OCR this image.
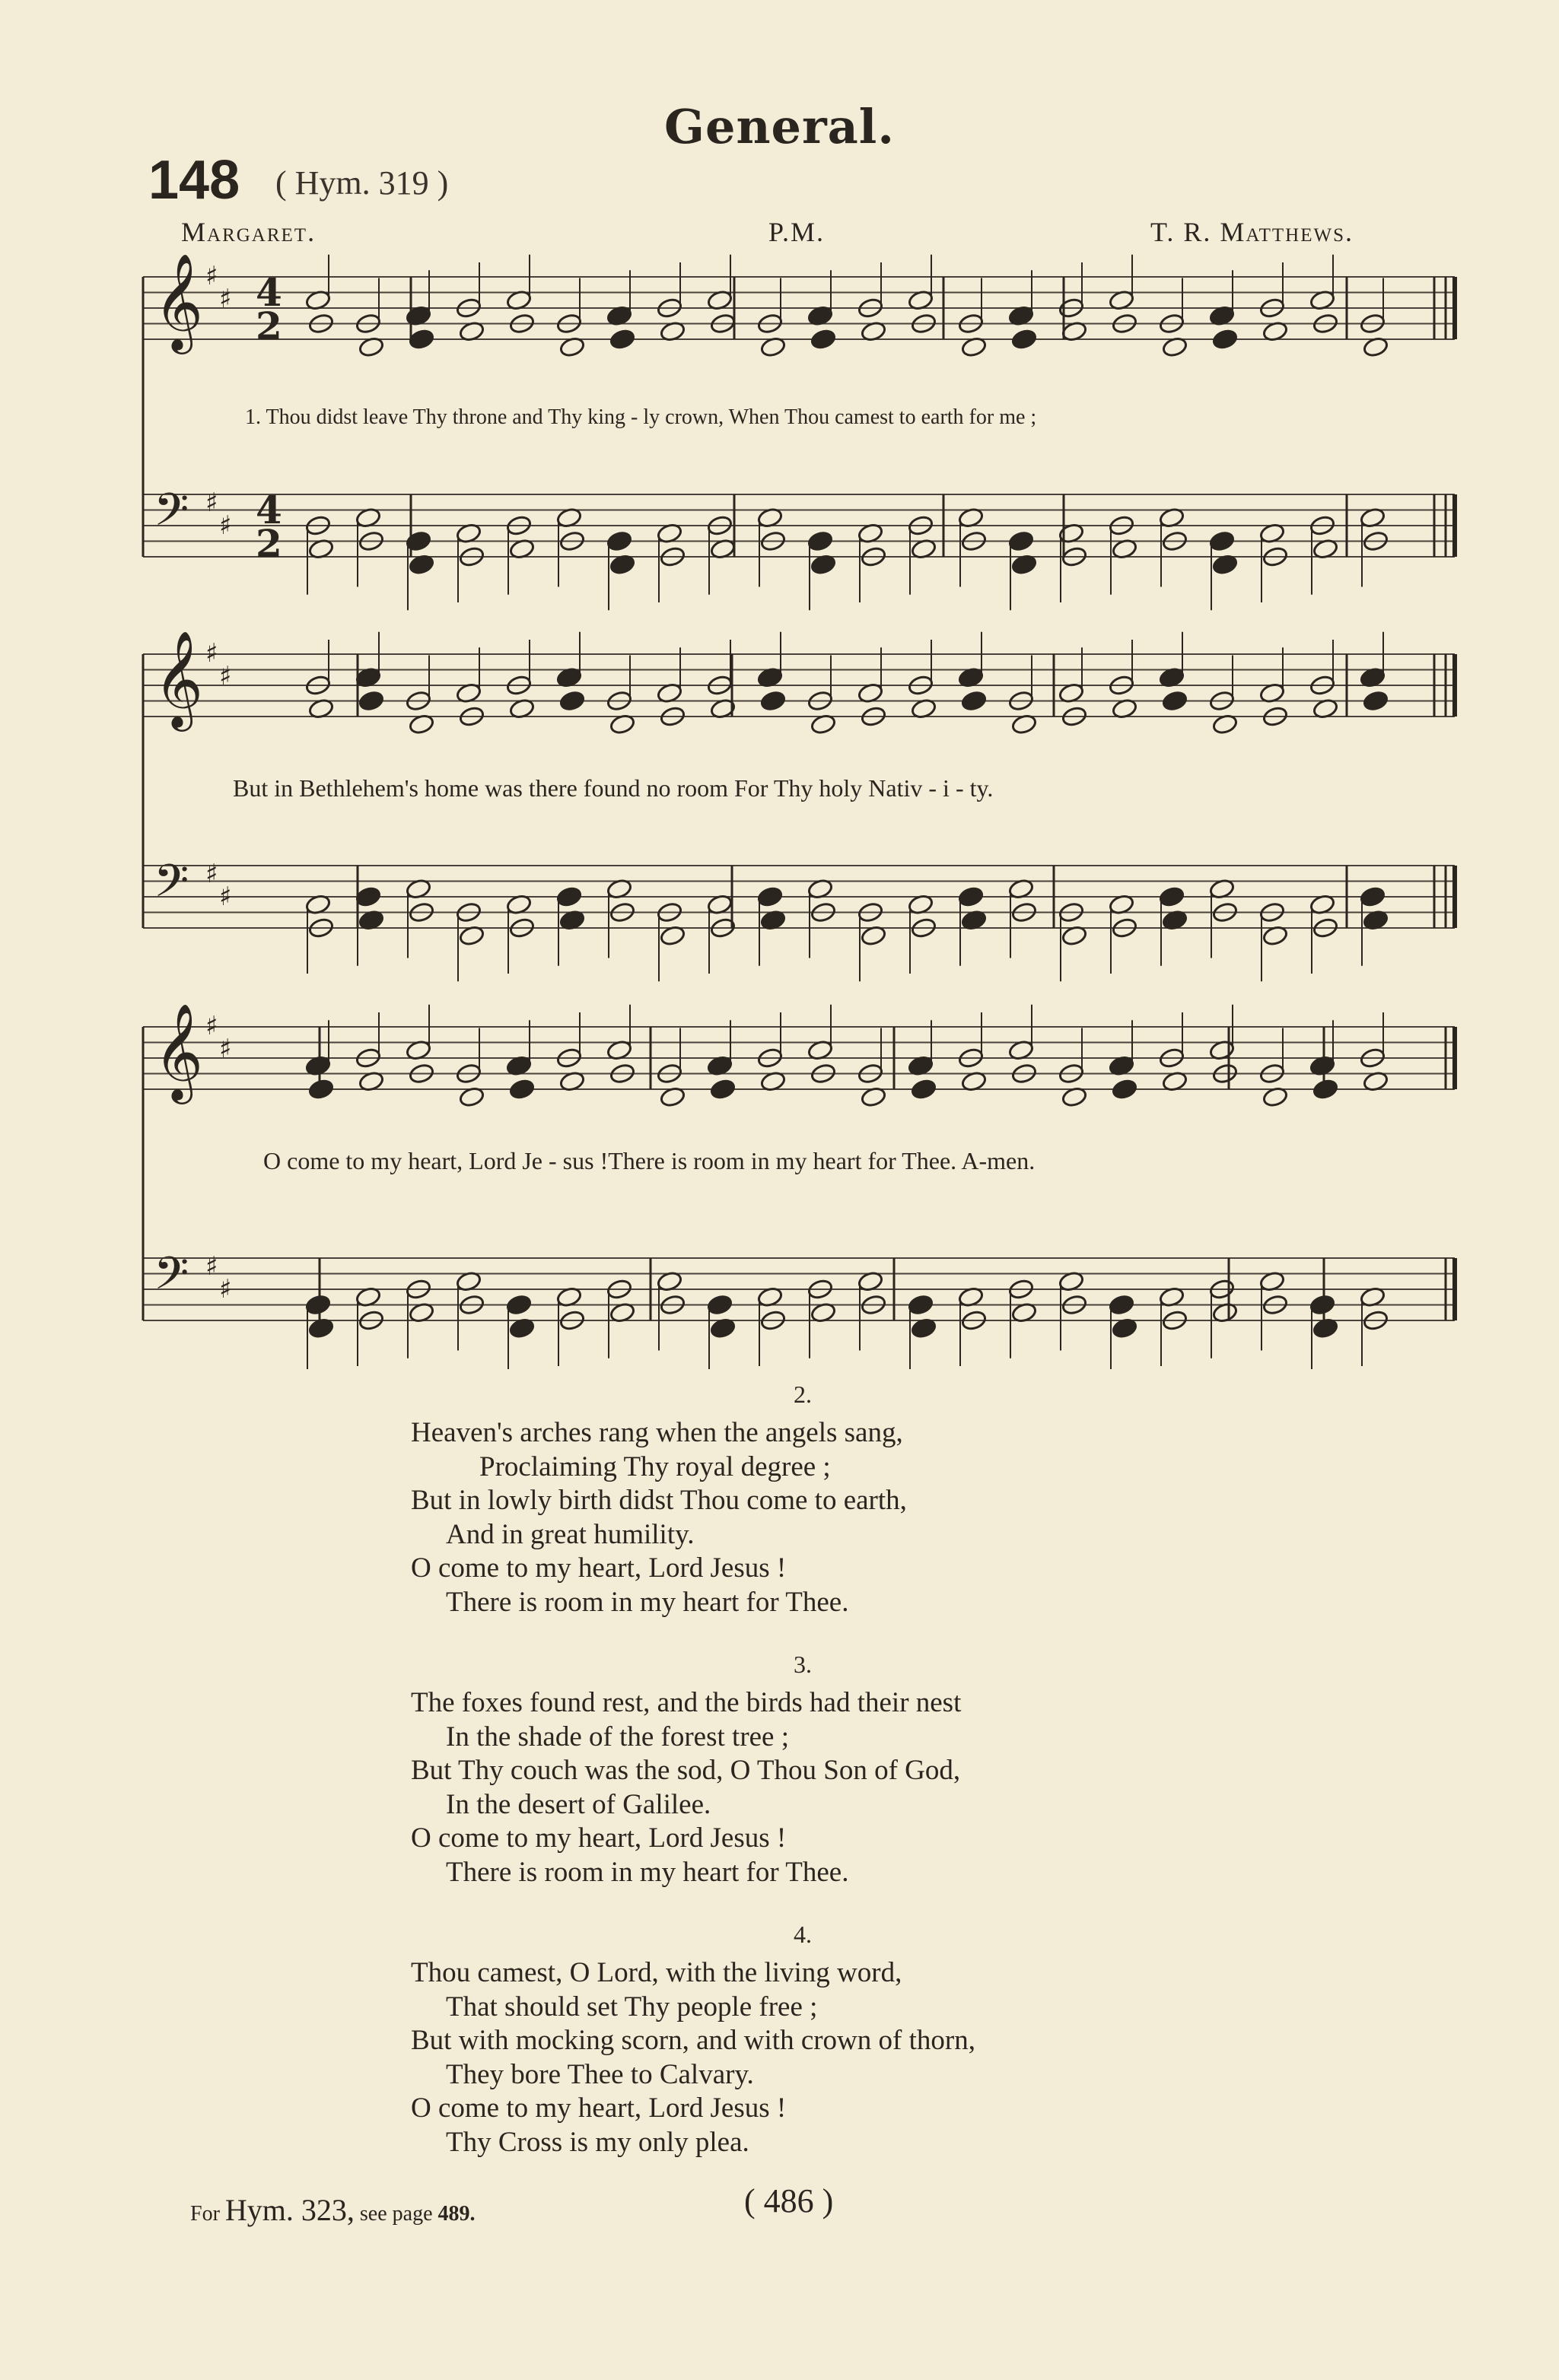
General.
148 ( Hym. 319 )
Margaret.	P.M.	T. R. Matthews.
𝄞 ♯
♯
𝄢 ♯
♯
𝄞 ♯
♯
𝄢 ♯
♯
𝄞 ♯
♯
𝄢 ♯
♯
4
2
4
2
1. Thou didst leave Thy throne and Thy king - ly crown, When Thou camest to earth for me ;
But in Bethlehem's home was there found no room For Thy holy Nativ - i - ty.
O come to my heart, Lord Je - sus !There is room in my heart for Thee. A-men.
2.
Heaven's arches rang when the angels sang,
Proclaiming Thy royal degree ;
But in lowly birth didst Thou come to earth,
And in great humility.
O come to my heart, Lord Jesus !
There is room in my heart for Thee.
3.
The foxes found rest, and the birds had their nest
In the shade of the forest tree ;
But Thy couch was the sod, O Thou Son of God,
In the desert of Galilee.
O come to my heart, Lord Jesus !
There is room in my heart for Thee.
4.
Thou camest, O Lord, with the living word,
That should set Thy people free ;
But with mocking scorn, and with crown of thorn,
They bore Thee to Calvary.
O come to my heart, Lord Jesus !
Thy Cross is my only plea.
For Hym. 323, see page 489.	( 486 )
